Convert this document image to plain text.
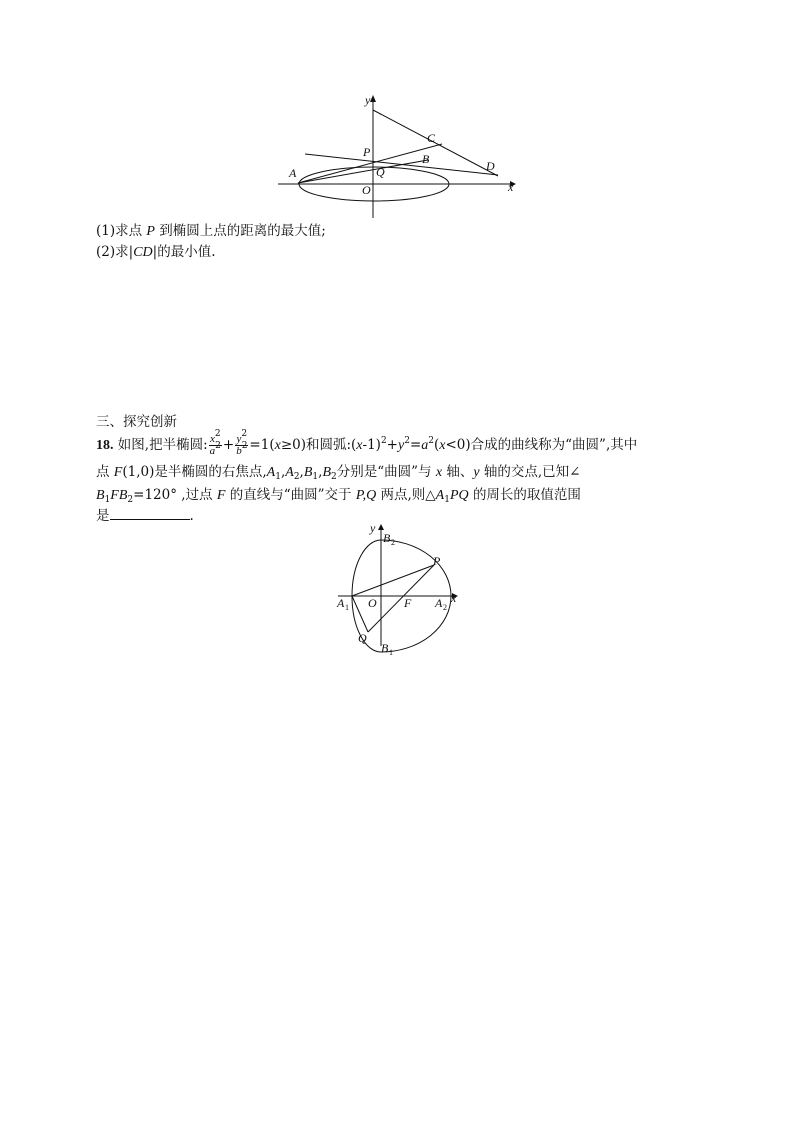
y
C
P	B	D
A	Q
O	x
(1)求点 P 到椭圆上点的距离的最大值;
(2)求|CD|的最小值.
三、探究创新
18. 如图,把半椭圆: $\frac{x^2}{a^2} + \frac{y^2}{b^2} =1(x\ge 0)$和圆弧$:(x-1)^2+y^2=a^2(x<0)$合成的曲线称为“曲圆”,其中
点 F(1,0)是半椭圆的右焦点$,A_1,A_2,B_1,B_2$分别是“曲圆”与 x 轴、y 轴的交点,已知∠
$B_1FB_2=120^\circ$ ,过点 F 的直线与“曲圆”交于 P,Q 两点,则$\triangle A_1PQ$ 的周长的取值范围
是	.
y
B 2
P
A 1 O F A 2
x
Q
B 1
